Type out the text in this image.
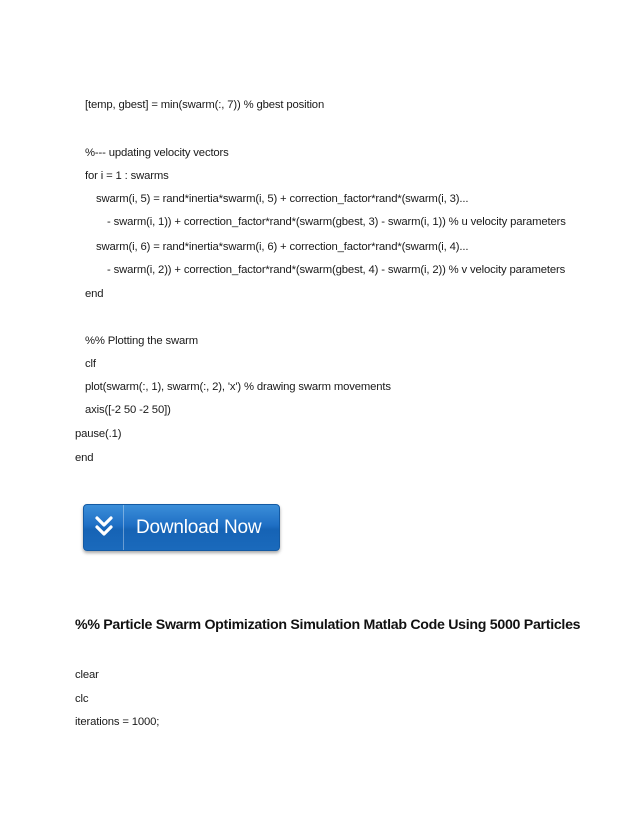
[temp, gbest] = min(swarm(:, 7)) % gbest position
%--- updating velocity vectors
for i = 1 : swarms
swarm(i, 5) = rand*inertia*swarm(i, 5) + correction_factor*rand*(swarm(i, 3)...
- swarm(i, 1)) + correction_factor*rand*(swarm(gbest, 3) - swarm(i, 1)) % u velocity parameters
swarm(i, 6) = rand*inertia*swarm(i, 6) + correction_factor*rand*(swarm(i, 4)...
- swarm(i, 2)) + correction_factor*rand*(swarm(gbest, 4) - swarm(i, 2)) % v velocity parameters
end
%% Plotting the swarm
clf
plot(swarm(:, 1), swarm(:, 2), 'x') % drawing swarm movements
axis([-2 50 -2 50])
pause(.1)
end
Download Now
%% Particle Swarm Optimization Simulation Matlab Code Using 5000 Particles
clear
clc
iterations = 1000;
